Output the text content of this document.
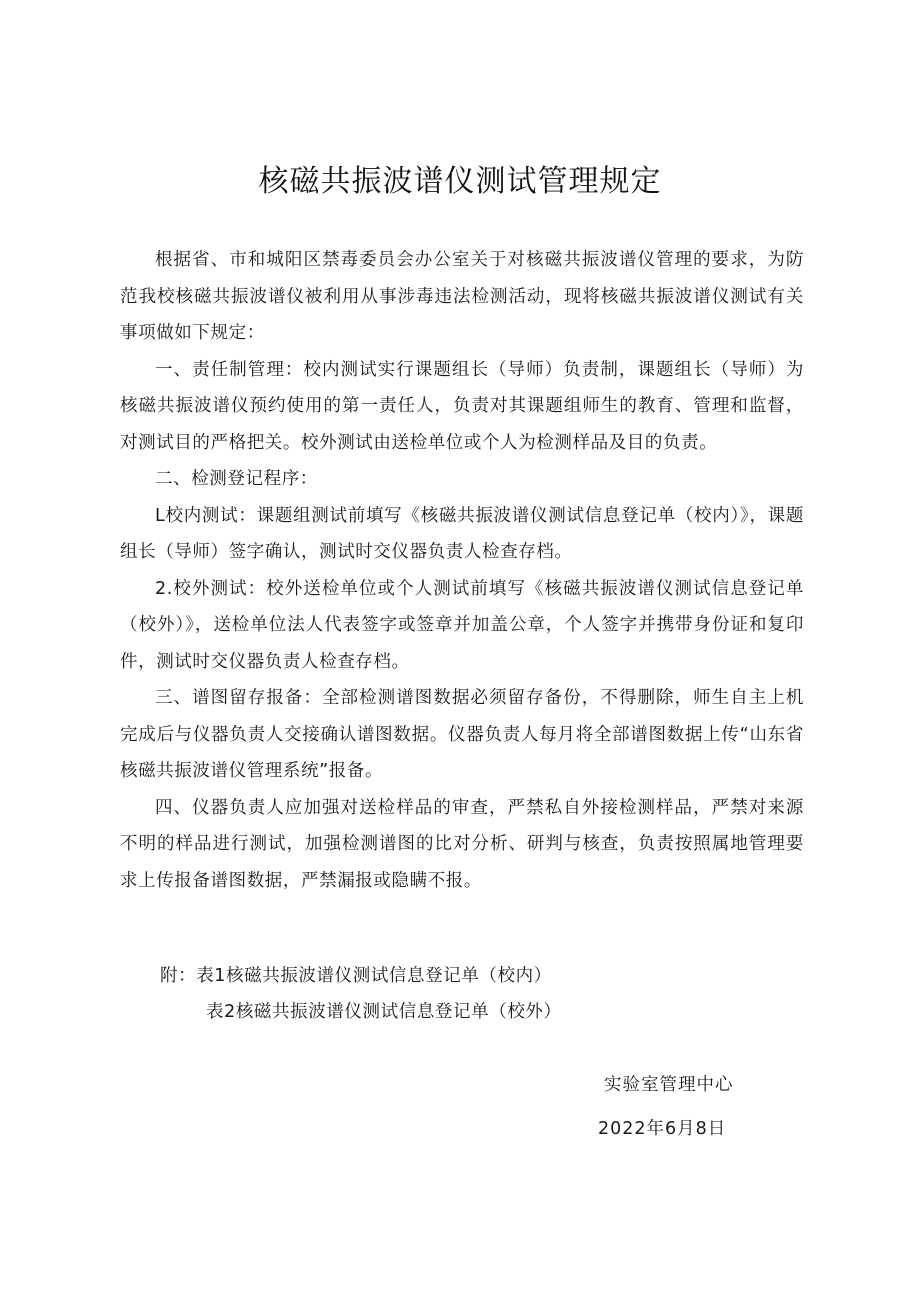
核磁共振波谱仪测试管理规定

根据省、市和城阳区禁毒委员会办公室关于对核磁共振波谱仪管理的要求，为防范我校核磁共振波谱仪被利用从事涉毒违法检测活动，现将核磁共振波谱仪测试有关事项做如下规定：

一、责任制管理：校内测试实行课题组长（导师）负责制，课题组长（导师）为核磁共振波谱仪预约使用的第一责任人，负责对其课题组师生的教育、管理和监督，对测试目的严格把关。校外测试由送检单位或个人为检测样品及目的负责。

二、检测登记程序：

L校内测试：课题组测试前填写《核磁共振波谱仪测试信息登记单（校内）》，课题组长（导师）签字确认，测试时交仪器负责人检查存档。

2.校外测试：校外送检单位或个人测试前填写《核磁共振波谱仪测试信息登记单（校外）》，送检单位法人代表签字或签章并加盖公章，个人签字并携带身份证和复印件，测试时交仪器负责人检查存档。

三、谱图留存报备：全部检测谱图数据必须留存备份，不得删除，师生自主上机完成后与仪器负责人交接确认谱图数据。仪器负责人每月将全部谱图数据上传“山东省核磁共振波谱仪管理系统”报备。

四、仪器负责人应加强对送检样品的审查，严禁私自外接检测样品，严禁对来源不明的样品进行测试，加强检测谱图的比对分析、研判与核查，负责按照属地管理要求上传报备谱图数据，严禁漏报或隐瞒不报。

附：表1核磁共振波谱仪测试信息登记单（校内）
表2核磁共振波谱仪测试信息登记单（校外）
实验室管理中心
2022年6月8日
